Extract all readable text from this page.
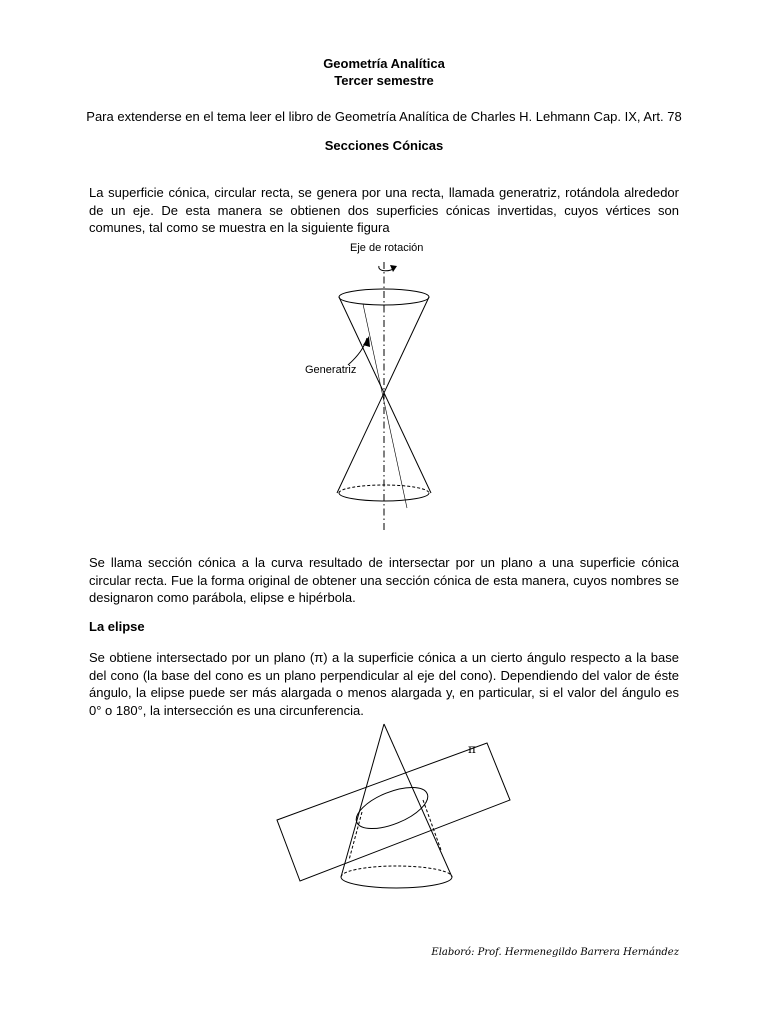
Geometría Analítica
Tercer semestre
Para extenderse en el tema leer el libro de Geometría Analítica de Charles H. Lehmann Cap. IX, Art. 78
Secciones Cónicas
La superficie cónica, circular recta, se genera por una recta, llamada generatriz, rotándola alrededor de un eje. De esta manera se obtienen dos superficies cónicas invertidas, cuyos vértices son comunes, tal como se muestra en la siguiente figura
Eje de rotación
Generatriz
Se llama sección cónica a la curva resultado de intersectar por un plano a una superficie cónica circular recta. Fue la forma original de obtener una sección cónica de esta manera, cuyos nombres se designaron como parábola, elipse e hipérbola.
La elipse
Se obtiene intersectado por un plano (π) a la superficie cónica a un cierto ángulo respecto a la base del cono (la base del cono es un plano perpendicular al eje del cono). Dependiendo del valor de éste ángulo, la elipse puede ser más alargada o menos alargada y, en particular, si el valor del ángulo es 0° o 180°, la intersección es una circunferencia.
π
Elaboró: Prof. Hermenegildo Barrera Hernández
